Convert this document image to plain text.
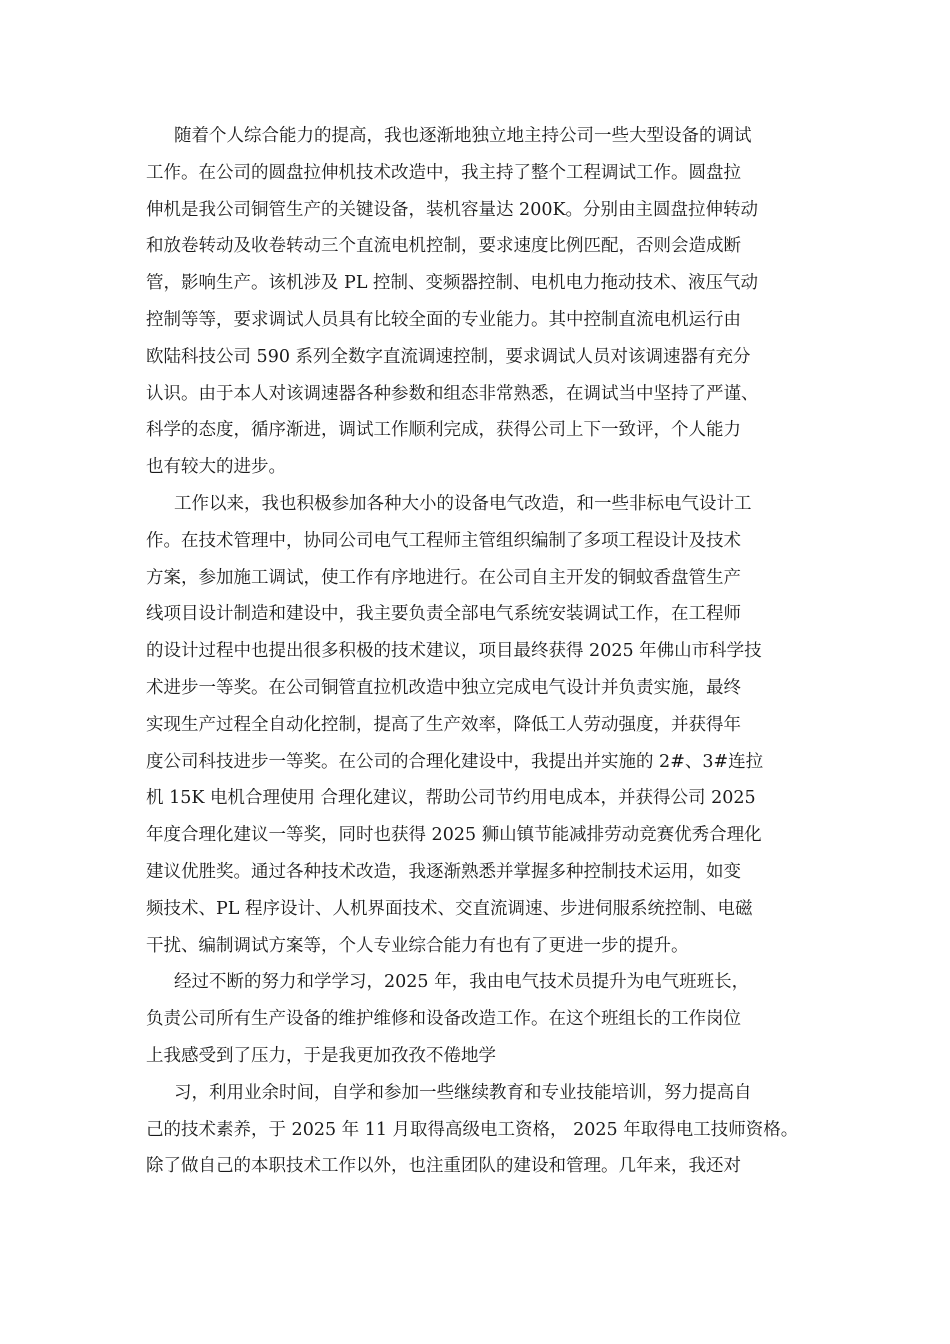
随着个人综合能力的提高，我也逐渐地独立地主持公司一些大型设备的调试
工作。在公司的圆盘拉伸机技术改造中，我主持了整个工程调试工作。圆盘拉
伸机是我公司铜管生产的关键设备，装机容量达 200K。分别由主圆盘拉伸转动
和放卷转动及收卷转动三个直流电机控制，要求速度比例匹配，否则会造成断
管，影响生产。该机涉及 PL 控制、变频器控制、电机电力拖动技术、液压气动
控制等等，要求调试人员具有比较全面的专业能力。其中控制直流电机运行由
欧陆科技公司 590 系列全数字直流调速控制，要求调试人员对该调速器有充分
认识。由于本人对该调速器各种参数和组态非常熟悉，在调试当中坚持了严谨、
科学的态度，循序渐进，调试工作顺利完成，获得公司上下一致评，个人能力
也有较大的进步。
工作以来，我也积极参加各种大小的设备电气改造，和一些非标电气设计工
作。在技术管理中，协同公司电气工程师主管组织编制了多项工程设计及技术
方案，参加施工调试，使工作有序地进行。在公司自主开发的铜蚊香盘管生产
线项目设计制造和建设中，我主要负责全部电气系统安装调试工作，在工程师
的设计过程中也提出很多积极的技术建议，项目最终获得 2025 年佛山市科学技
术进步一等奖。在公司铜管直拉机改造中独立完成电气设计并负责实施，最终
实现生产过程全自动化控制，提高了生产效率，降低工人劳动强度，并获得年
度公司科技进步一等奖。在公司的合理化建设中，我提出并实施的 2#、3#连拉
机 15K 电机合理使用 合理化建议，帮助公司节约用电成本，并获得公司 2025
年度合理化建议一等奖，同时也获得 2025 狮山镇节能减排劳动竞赛优秀合理化
建议优胜奖。通过各种技术改造，我逐渐熟悉并掌握多种控制技术运用，如变
频技术、PL 程序设计、人机界面技术、交直流调速、步进伺服系统控制、电磁
干扰、编制调试方案等，个人专业综合能力有也有了更进一步的提升。
经过不断的努力和学学习，2025 年，我由电气技术员提升为电气班班长，
负责公司所有生产设备的维护维修和设备改造工作。在这个班组长的工作岗位
上我感受到了压力，于是我更加孜孜不倦地学
习，利用业余时间，自学和参加一些继续教育和专业技能培训，努力提高自
己的技术素养，于 2025 年 11 月取得高级电工资格， 2025 年取得电工技师资格。
除了做自己的本职技术工作以外，也注重团队的建设和管理。几年来，我还对
